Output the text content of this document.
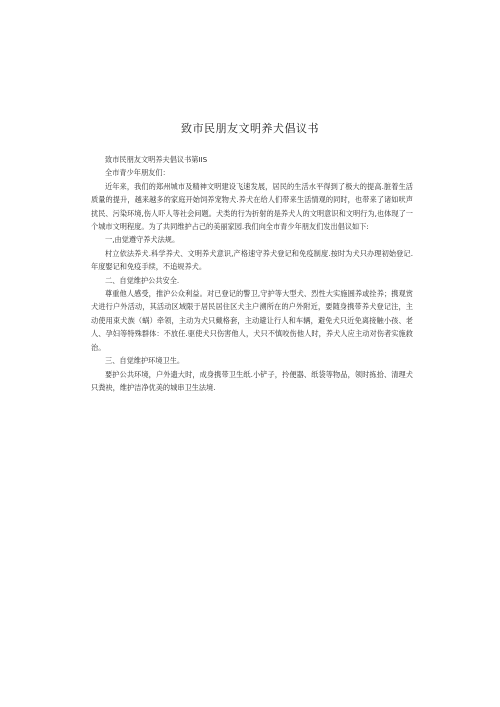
致市民朋友文明养犬倡议书

致市民朋友文明养夫倡议书第IIS

全市青少年朋友们：

近年来，我们的郑州城市及精神文明建设飞速发展，居民的生活水平得到了极大的提高.脏着生活质量的提升，越来越多的家庭开始饲养宠物犬.养犬在给人们带来生活情观的同时，也带来了诸如吠声扰民、污染环境,伤人吓人等社会问题。犬类的行为折射的是养犬人的文明意识和文明行为,也体现了一个城市文明程度。为了共同维护占己的美丽家园.我们向全市青少年朋友们发出倡议如下:

一,由觉遵守养犬法规。

村立依法养犬.科学养犬、文明养犬意识,产格速守养犬登记和免疫制度.按时为犬只办理初始登记.年度娶记和免疫手续，不追规养犬。

二、自觉维护公共安全.

尊重他人感受，推沪公众利益。对已登记的警卫,守护等大型犬、烈性大实施圄养或拴养；携观赏犬进行户外活动，其活动区域限于居民居住区犬主户溯所在的户外附近，要随身携带养犬登记注，主动使用束犬族（蜗）牵领，主动为犬只戴格套，主动避让行人和车辆，避免犬只近免离接触小孩、老人、孕妇等特殊群体：不放任.驱使犬只伤害他人，犬只不慎咬伤他人时，养犬人应主动对伤者实施救治。

三、自觉维护环境卫生。

要护公共环境，户外遗大时，成身携带卫生纸.小铲子，拎便器、纸袋等物品，领时拣拾、清理犬只粪袂，维护洁净优美的城串卫生法境.
